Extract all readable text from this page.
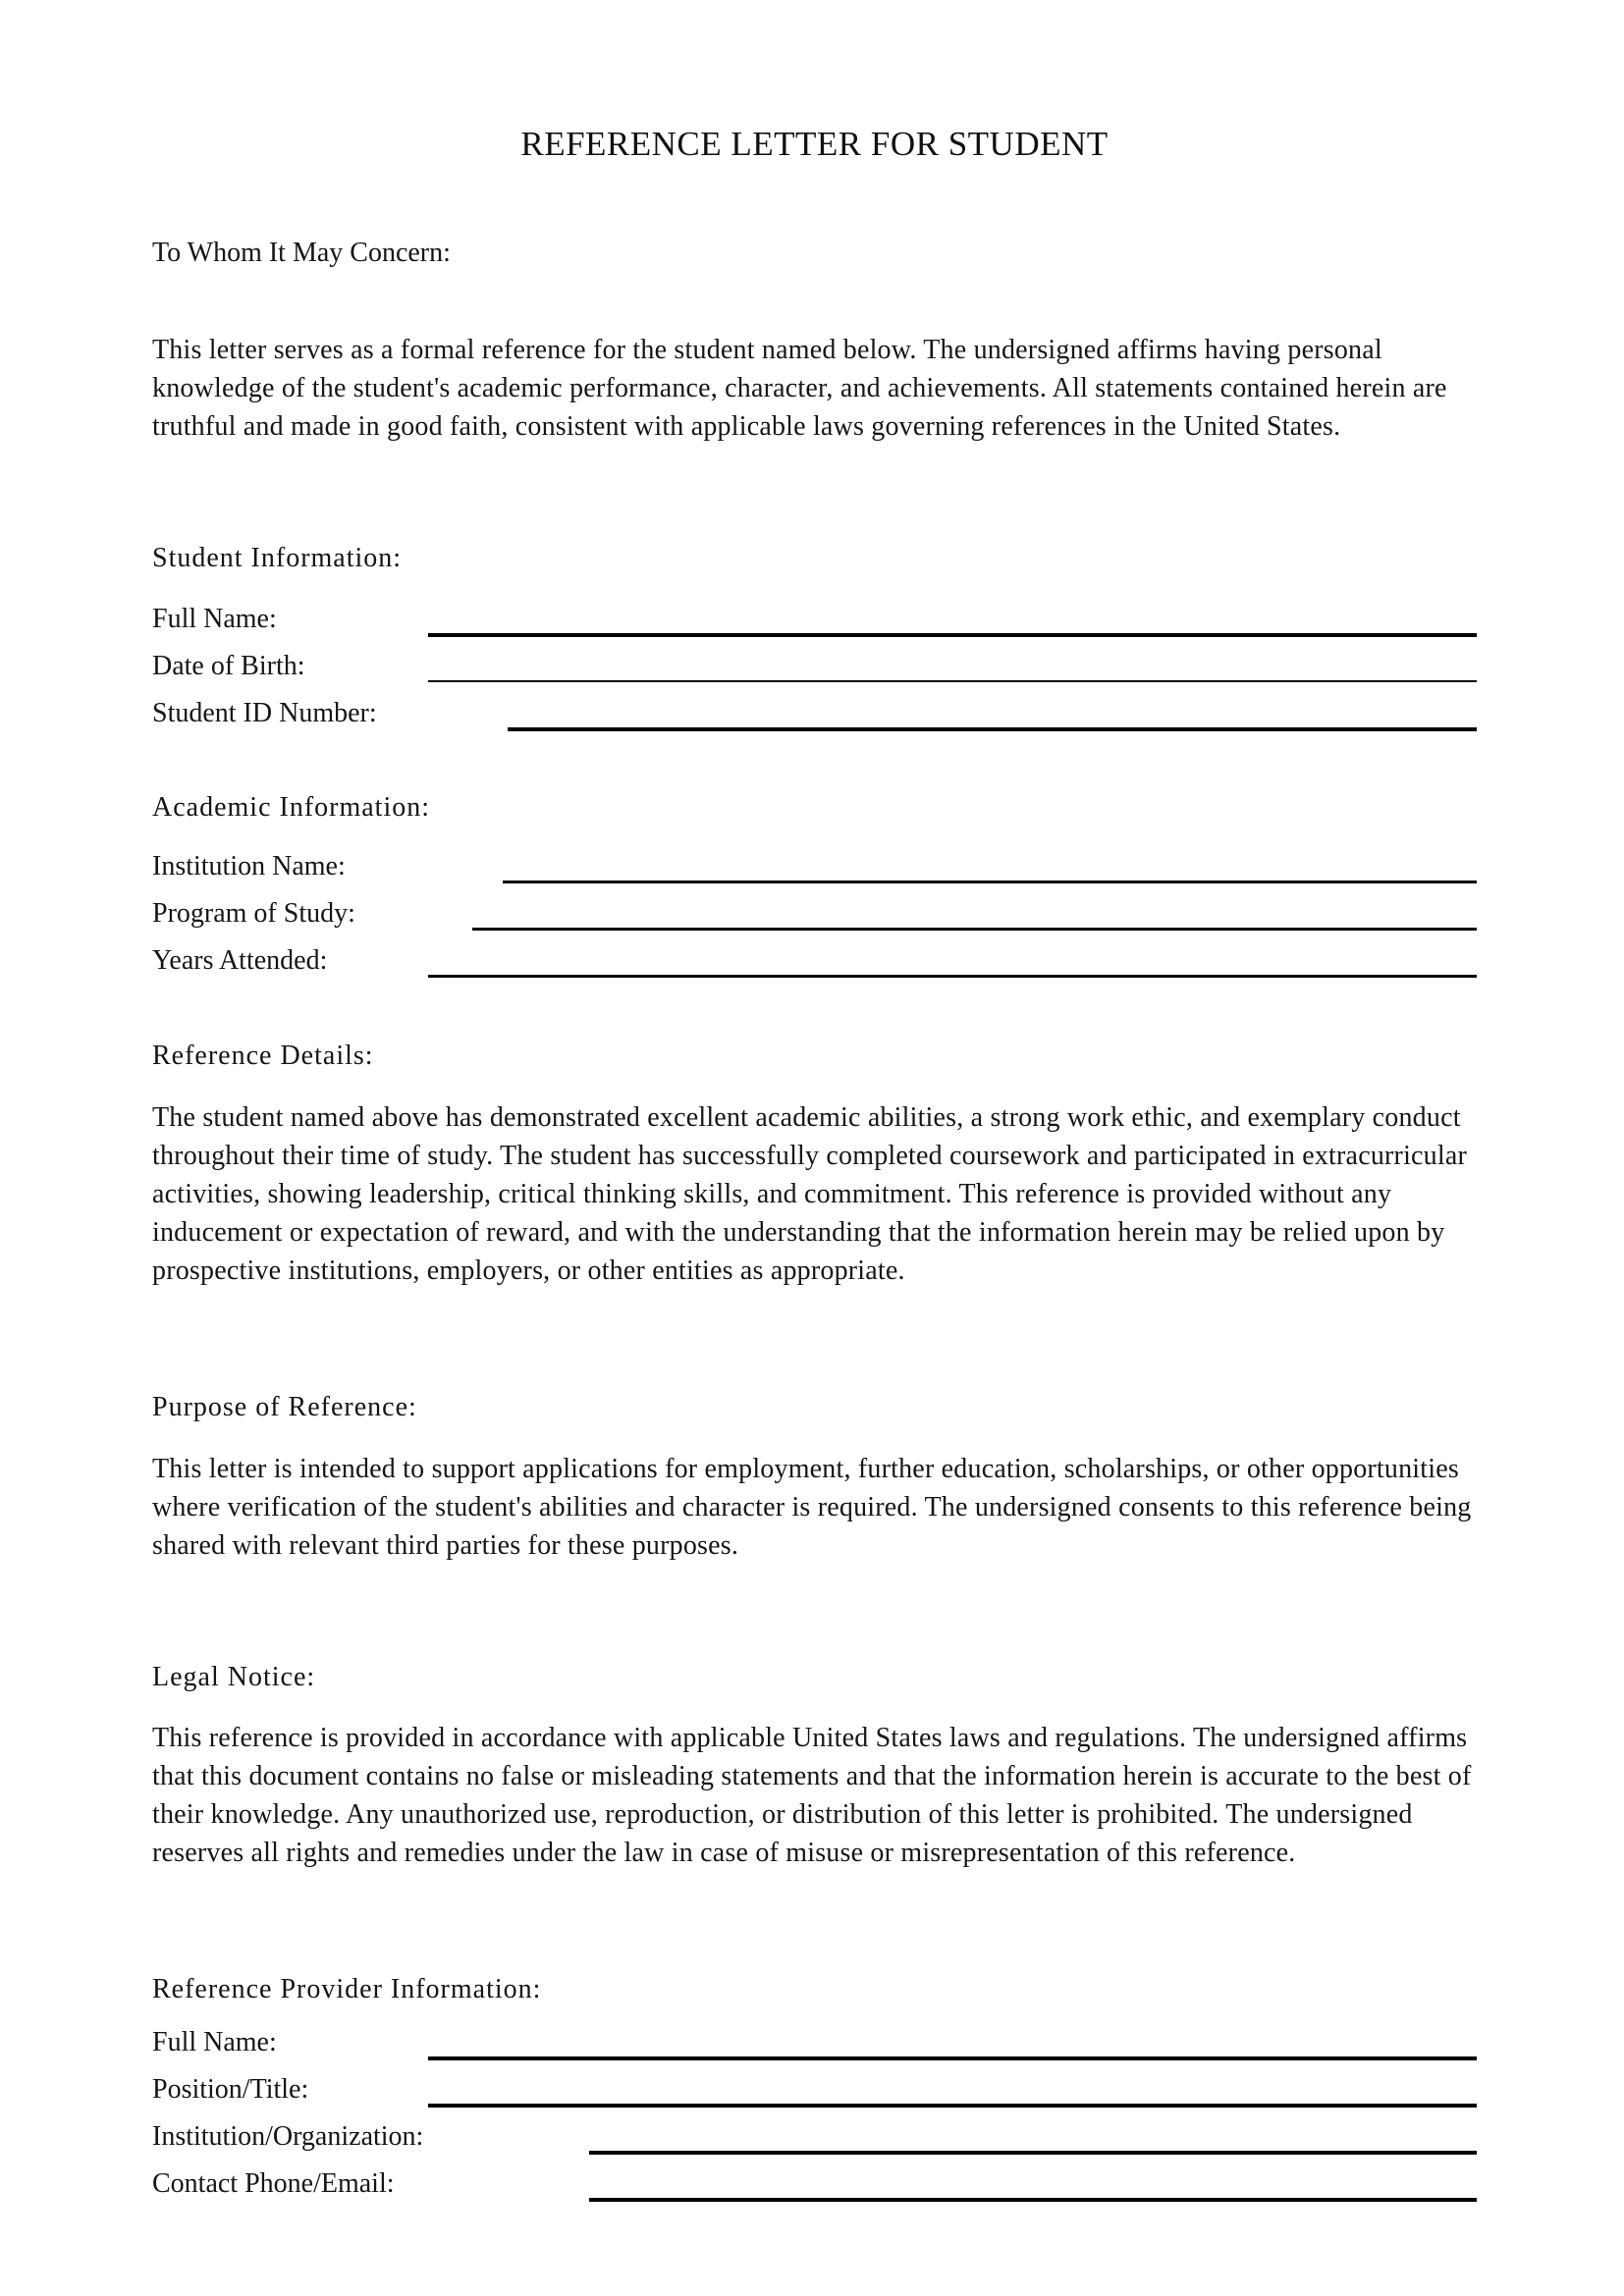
REFERENCE LETTER FOR STUDENT

To Whom It May Concern:

This letter serves as a formal reference for the student named below. The undersigned affirms having personal knowledge of the student's academic performance, character, and achievements. All statements contained herein are truthful and made in good faith, consistent with applicable laws governing references in the United States.

Student Information:

Full Name:
Date of Birth:
Student ID Number:

Academic Information:

Institution Name:
Program of Study:
Years Attended:

Reference Details:

The student named above has demonstrated excellent academic abilities, a strong work ethic, and exemplary conduct throughout their time of study. The student has successfully completed coursework and participated in extracurricular activities, showing leadership, critical thinking skills, and commitment. This reference is provided without any inducement or expectation of reward, and with the understanding that the information herein may be relied upon by prospective institutions, employers, or other entities as appropriate.

Purpose of Reference:

This letter is intended to support applications for employment, further education, scholarships, or other opportunities where verification of the student's abilities and character is required. The undersigned consents to this reference being shared with relevant third parties for these purposes.

Legal Notice:

This reference is provided in accordance with applicable United States laws and regulations. The undersigned affirms that this document contains no false or misleading statements and that the information herein is accurate to the best of their knowledge. Any unauthorized use, reproduction, or distribution of this letter is prohibited. The undersigned reserves all rights and remedies under the law in case of misuse or misrepresentation of this reference.

Reference Provider Information:

Full Name:
Position/Title:
Institution/Organization:
Contact Phone/Email:
